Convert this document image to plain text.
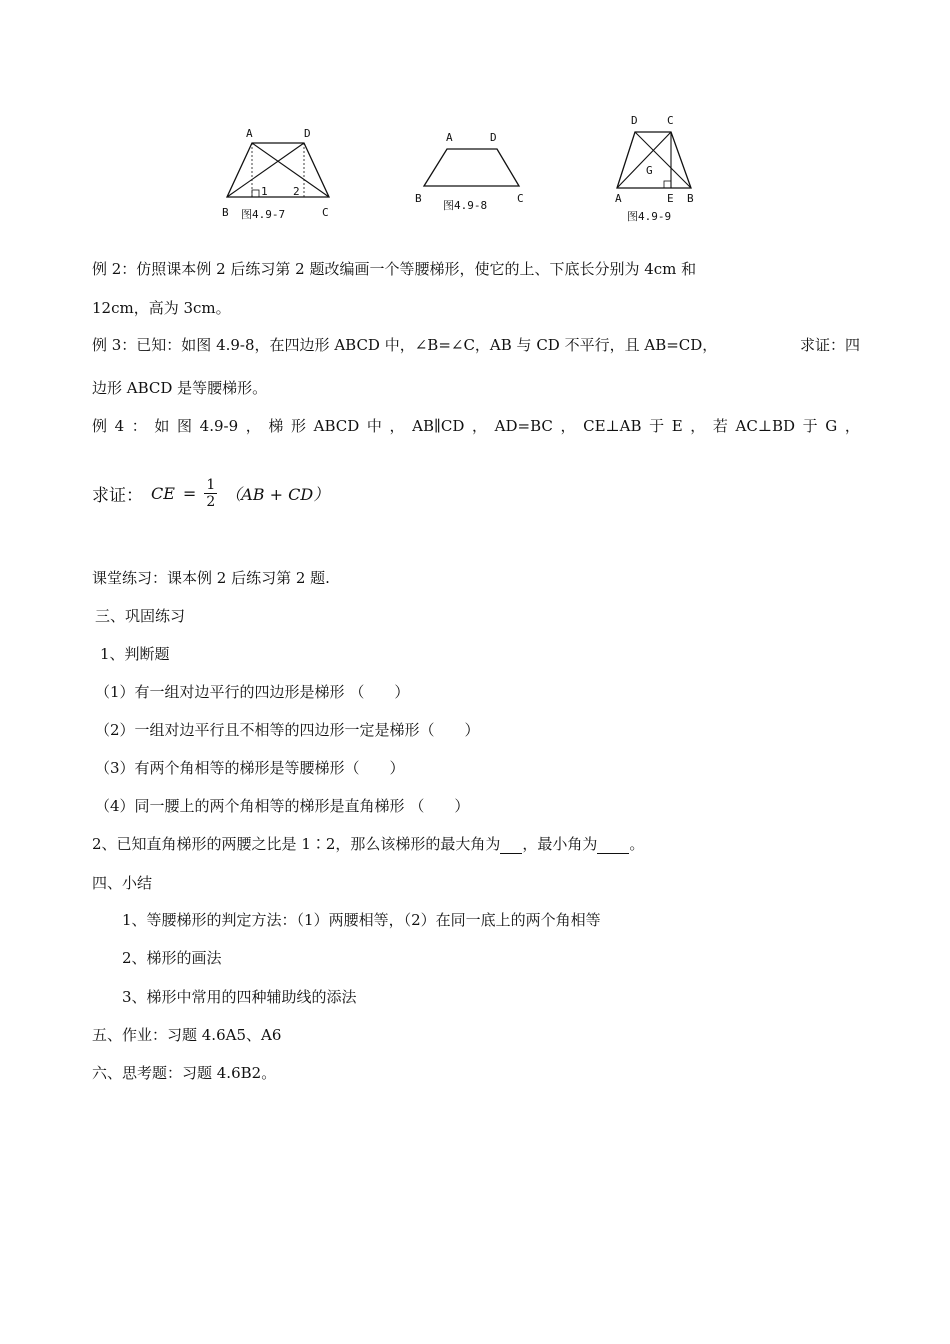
A	D
B	C
1 2
图4.9-7
A	D
B	C
图4.9-8
D	C
G
A	E B
图4.9-9
例 2：仿照课本例 2 后练习第 2 题改编画一个等腰梯形，使它的上、下底长分别为 4cm 和
12cm，高为 3cm。
例 3：已知：如图 4.9-8，在四边形 ABCD 中，∠B=∠C，AB 与 CD 不平行，且 AB=CD，	求证：四
边形 ABCD 是等腰梯形。
例 4 ： 如 图 4.9-9 ， 梯 形 ABCD 中 ， AB∥CD ， AD=BC ， CE⊥AB 于 E ， 若 AC⊥BD 于 G ，
求证： CE = $\frac{1}{2} (AB + CD)$
课堂练习：课本例 2 后练习第 2 题.
三、巩固练习
1、判断题
（1）有一组对边平行的四边形是梯形 （　　）
（2）一组对边平行且不相等的四边形一定是梯形（　　）
（3）有两个角相等的梯形是等腰梯形（　　）
（4）同一腰上的两个角相等的梯形是直角梯形 （　　）
2、已知直角梯形的两腰之比是 1∶2，那么该梯形的最大角为 ，最小角为 。
四、小结
1、等腰梯形的判定方法：（1）两腰相等，（2）在同一底上的两个角相等
2、梯形的画法
3、梯形中常用的四种辅助线的添法
五、作业：习题 4.6A5、A6
六、思考题：习题 4.6B2。
